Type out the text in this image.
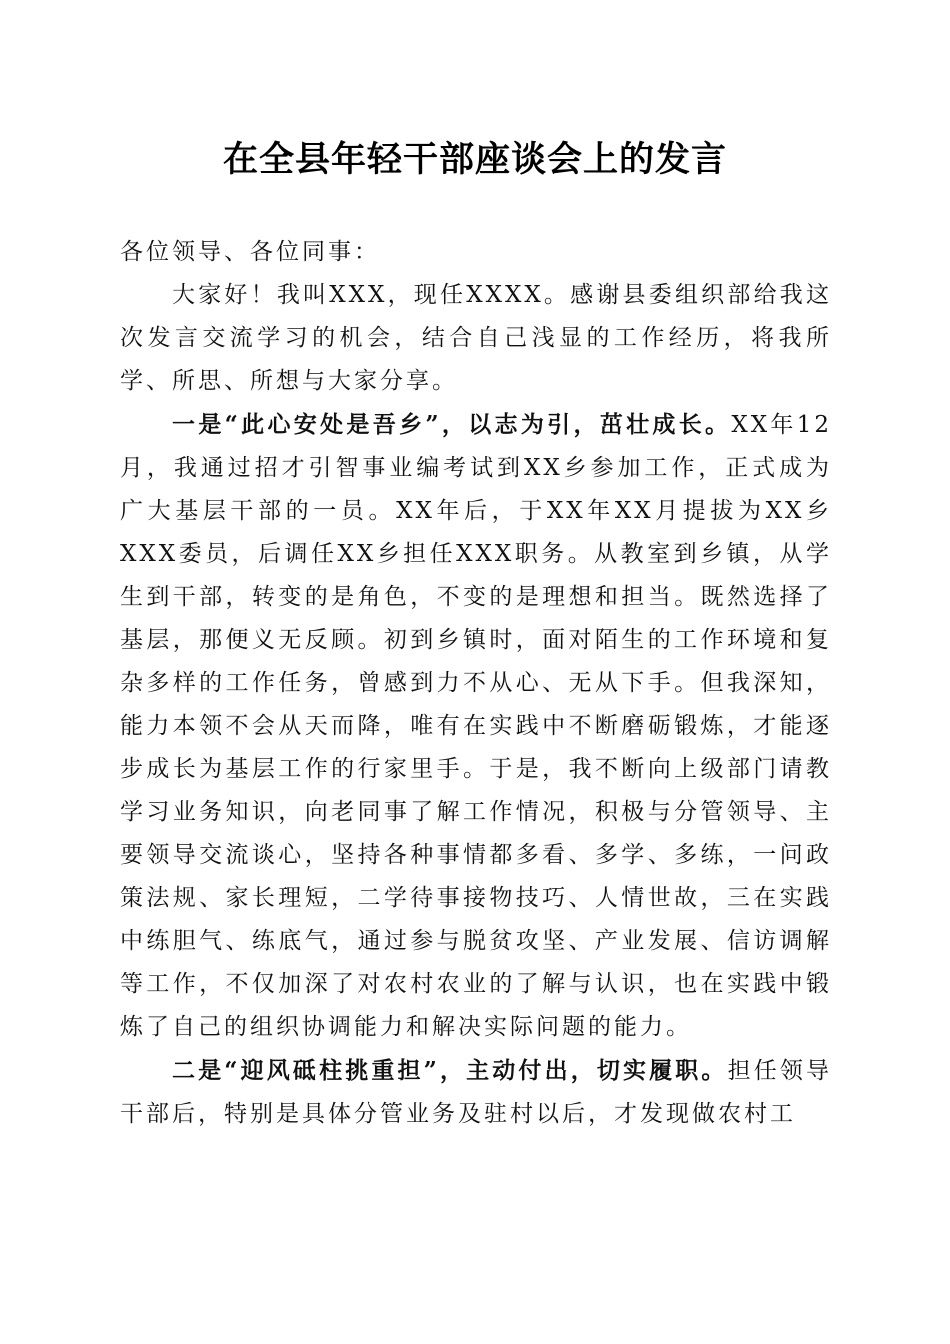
在全县年轻干部座谈会上的发言

各位领导、各位同事：

大家好！我叫XXX，现任XXXX。感谢县委组织部给我这次发言交流学习的机会，结合自己浅显的工作经历，将我所学、所思、所想与大家分享。

一是“此心安处是吾乡”，以志为引，茁壮成长。XX年12月，我通过招才引智事业编考试到XX乡参加工作，正式成为广大基层干部的一员。XX年后，于XX年XX月提拔为XX乡XXX委员，后调任XX乡担任XXX职务。从教室到乡镇，从学生到干部，转变的是角色，不变的是理想和担当。既然选择了基层，那便义无反顾。初到乡镇时，面对陌生的工作环境和复杂多样的工作任务，曾感到力不从心、无从下手。但我深知，能力本领不会从天而降，唯有在实践中不断磨砺锻炼，才能逐步成长为基层工作的行家里手。于是，我不断向上级部门请教学习业务知识，向老同事了解工作情况，积极与分管领导、主要领导交流谈心，坚持各种事情都多看、多学、多练，一问政策法规、家长理短，二学待事接物技巧、人情世故，三在实践中练胆气、练底气，通过参与脱贫攻坚、产业发展、信访调解等工作，不仅加深了对农村农业的了解与认识，也在实践中锻炼了自己的组织协调能力和解决实际问题的能力。

二是“迎风砥柱挑重担”，主动付出，切实履职。担任领导干部后，特别是具体分管业务及驻村以后，才发现做农村工
